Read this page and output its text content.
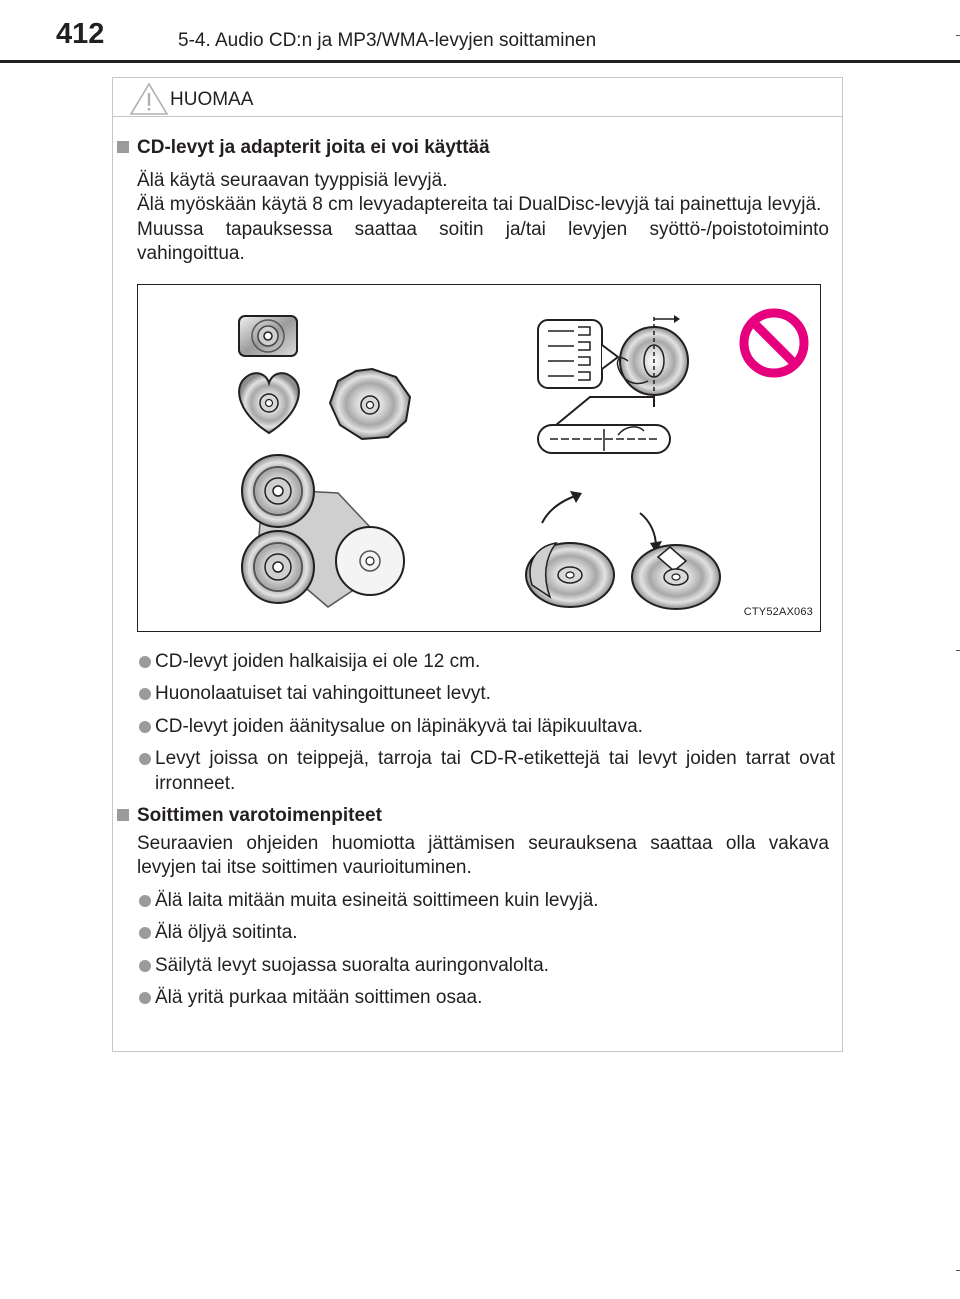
412	5-4. Audio CD:n ja MP3/WMA-levyjen soittaminen
HUOMAA

CD-levyt ja adapterit joita ei voi käyttää

Älä käytä seuraavan tyyppisiä levyjä.

Älä myöskään käytä 8 cm levyadaptereita tai DualDisc-levyjä tai painettuja levyjä.

Muussa tapauksessa saattaa soitin ja/tai levyjen syöttö-/poistotoiminto vahingoittua.

CTY52AX063
CD-levyt joiden halkaisija ei ole 12 cm.
Huonolaatuiset tai vahingoittuneet levyt.
CD-levyt joiden äänitysalue on läpinäkyvä tai läpikuultava.
Levyt joissa on teippejä, tarroja tai CD-R-etikettejä tai levyt joiden tarrat ovat irronneet.

Soittimen varotoimenpiteet

Seuraavien ohjeiden huomiotta jättämisen seurauksena saattaa olla vakava levyjen tai itse soittimen vaurioituminen.

Älä laita mitään muita esineitä soittimeen kuin levyjä.
Älä öljyä soitinta.
Säilytä levyt suojassa suoralta auringonvalolta.
Älä yritä purkaa mitään soittimen osaa.
